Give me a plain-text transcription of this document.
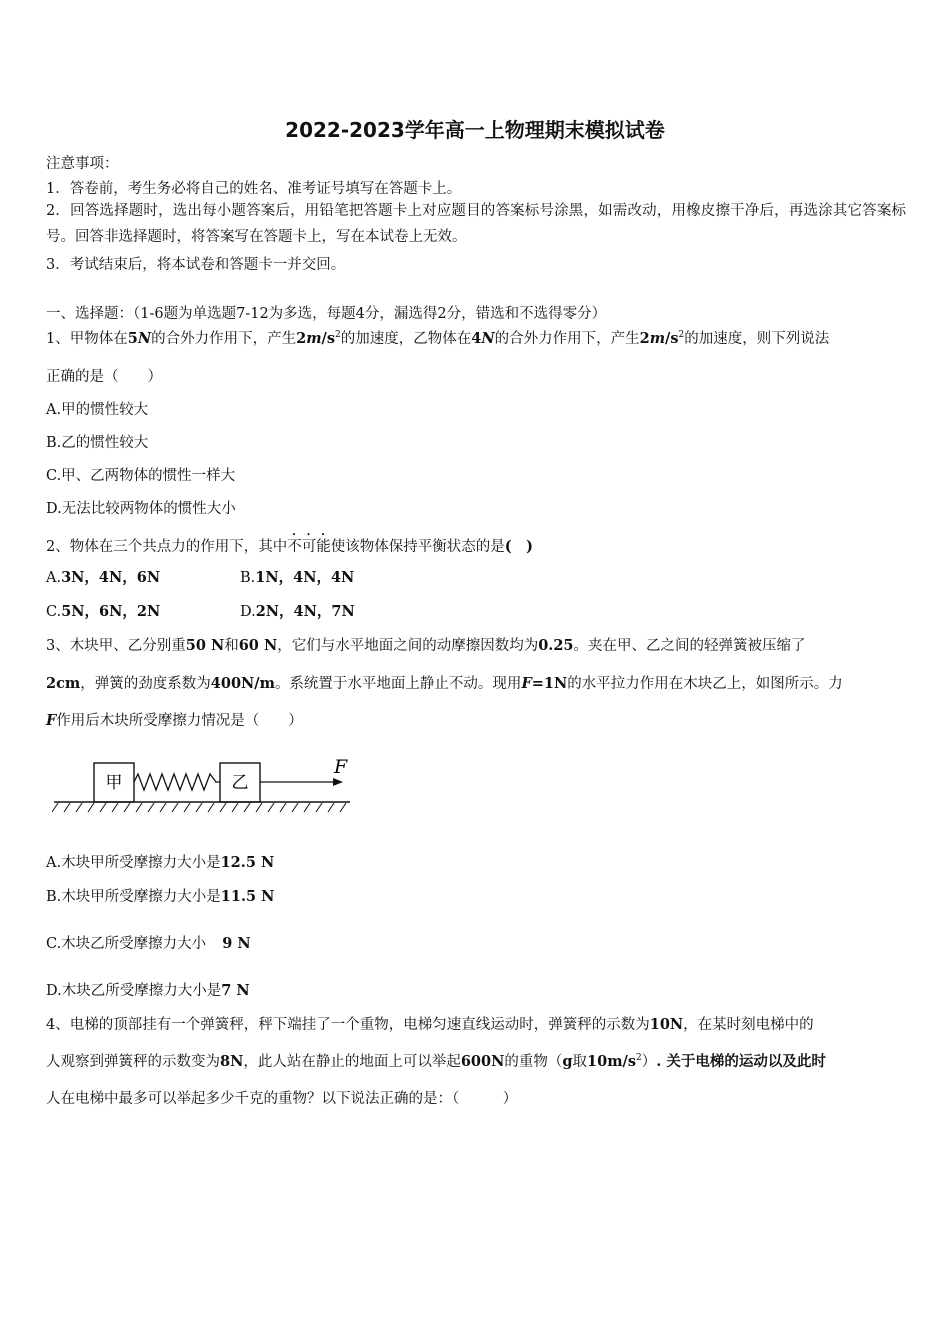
2022-2023学年高一上物理期末模拟试卷
注意事项：
1．答卷前，考生务必将自己的姓名、准考证号填写在答题卡上。
2．回答选择题时，选出每小题答案后，用铅笔把答题卡上对应题目的答案标号涂黑，如需改动，用橡皮擦干净后，再选涂其它答案标号。回答非选择题时，将答案写在答题卡上，写在本试卷上无效。
3．考试结束后，将本试卷和答题卡一并交回。
一、选择题：（1-6题为单选题7-12为多选，每题4分，漏选得2分，错选和不选得零分）
1、甲物体在5N的合外力作用下，产生$2m/s^2$的加速度，乙物体在4N的合外力作用下，产生$2m/s^2$的加速度，则下列说法
正确的是（　　）
A.甲的惯性较大
B.乙的惯性较大
C.甲、乙两物体的惯性一样大
D.无法比较两物体的惯性大小
2、物体在三个共点力的作用下，其中不可能使该物体保持平衡状态的是(　)
A.3N，4N，6N	B.1N，4N，4N
C.5N，6N，2N	D.2N，4N，7N
3、木块甲、乙分别重50 N和60 N，它们与水平地面之间的动摩擦因数均为0.25。夹在甲、乙之间的轻弹簧被压缩了
2cm，弹簧的劲度系数为400N/m。系统置于水平地面上静止不动。现用F=1N的水平拉力作用在木块乙上，如图所示。力
F作用后木块所受摩擦力情况是（　　）
甲	乙
F
A.木块甲所受摩擦力大小是12.5 N
B.木块甲所受摩擦力大小是11.5 N
C.木块乙所受摩擦力大小 9 N
D.木块乙所受摩擦力大小是7 N
4、电梯的顶部挂有一个弹簧秤，秤下端挂了一个重物，电梯匀速直线运动时，弹簧秤的示数为10N，在某时刻电梯中的
人观察到弹簧秤的示数变为8N，此人站在静止的地面上可以举起600N的重物（g取$10m/s^2$）. 关于电梯的运动以及此时
人在电梯中最多可以举起多少千克的重物？以下说法正确的是：（　　　）
